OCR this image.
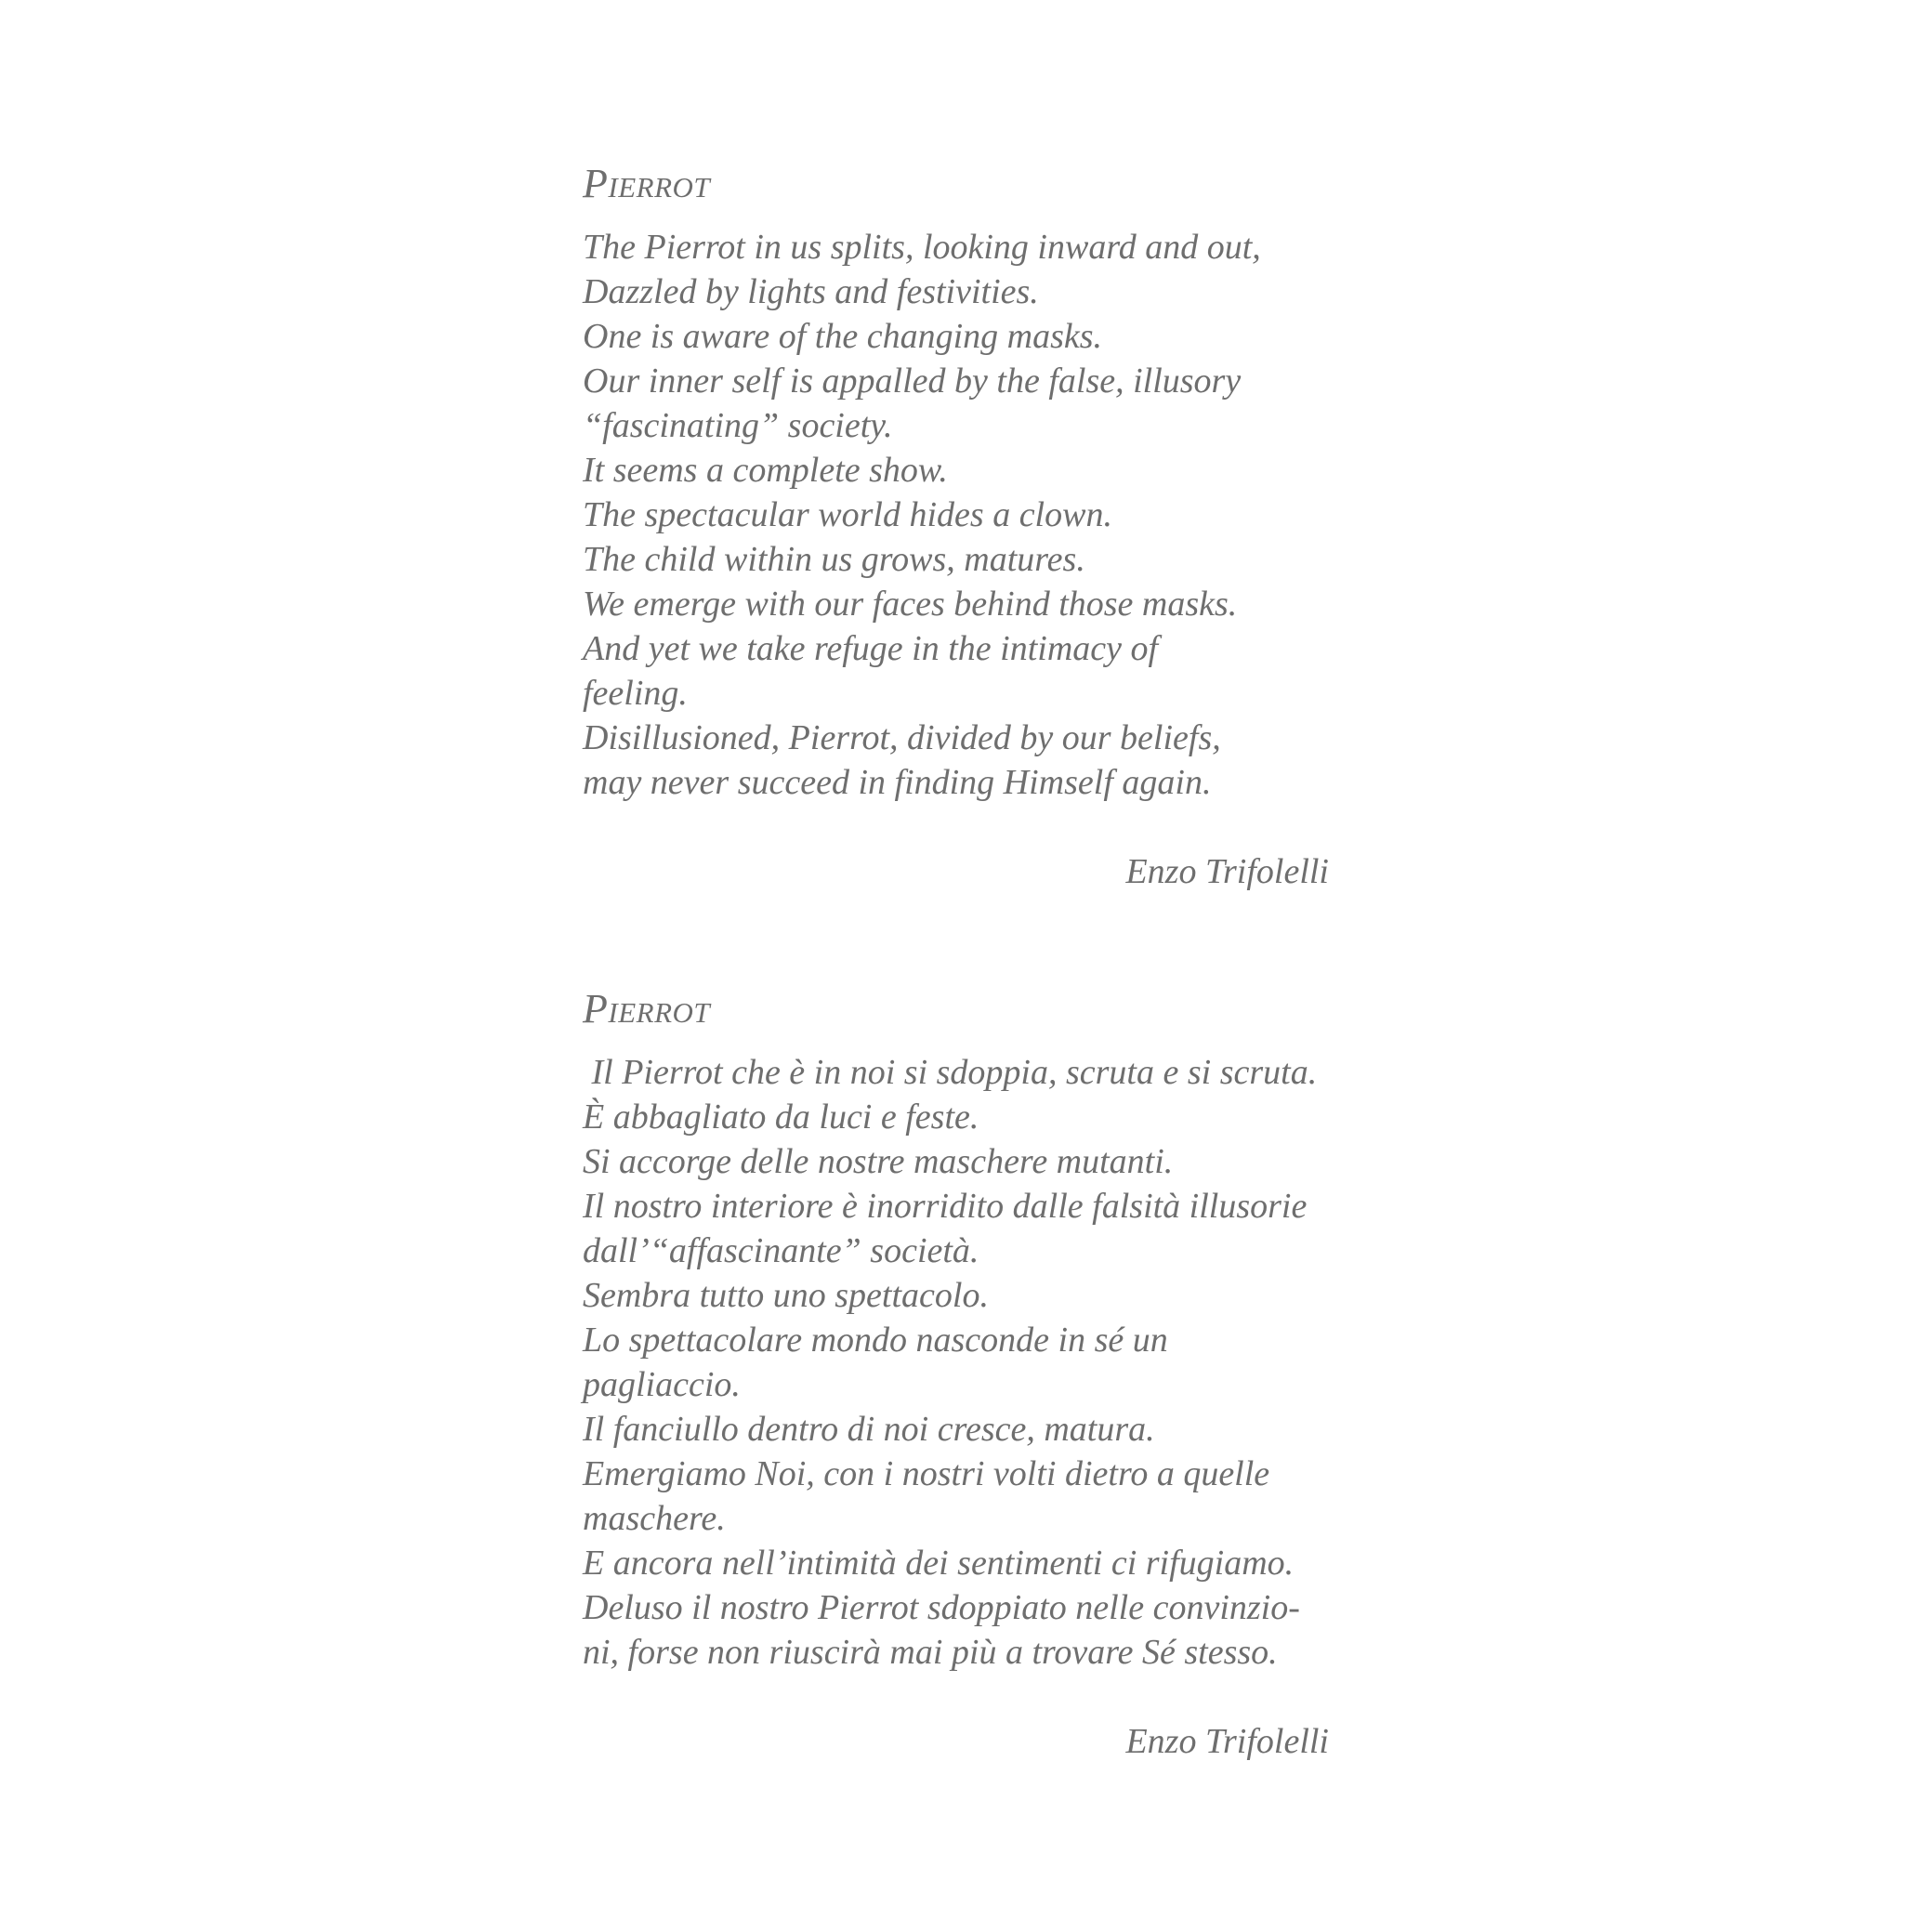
Pierrot
The Pierrot in us splits, looking inward and out,
Dazzled by lights and festivities.
One is aware of the changing masks.
Our inner self is appalled by the false, illusory
“fascinating” society.
It seems a complete show.
The spectacular world hides a clown.
The child within us grows, matures.
We emerge with our faces behind those masks.
And yet we take refuge in the intimacy of
feeling.
Disillusioned, Pierrot, divided by our beliefs,
may never succeed in finding Himself again.
Enzo Trifolelli
Pierrot
Il Pierrot che è in noi si sdoppia, scruta e si scruta.
È abbagliato da luci e feste.
Si accorge delle nostre maschere mutanti.
Il nostro interiore è inorridito dalle falsità illusorie
dall’“affascinante” società.
Sembra tutto uno spettacolo.
Lo spettacolare mondo nasconde in sé un
pagliaccio.
Il fanciullo dentro di noi cresce, matura.
Emergiamo Noi, con i nostri volti dietro a quelle
maschere.
E ancora nell’intimità dei sentimenti ci rifugiamo.
Deluso il nostro Pierrot sdoppiato nelle convinzio-
ni, forse non riuscirà mai più a trovare Sé stesso.
Enzo Trifolelli
